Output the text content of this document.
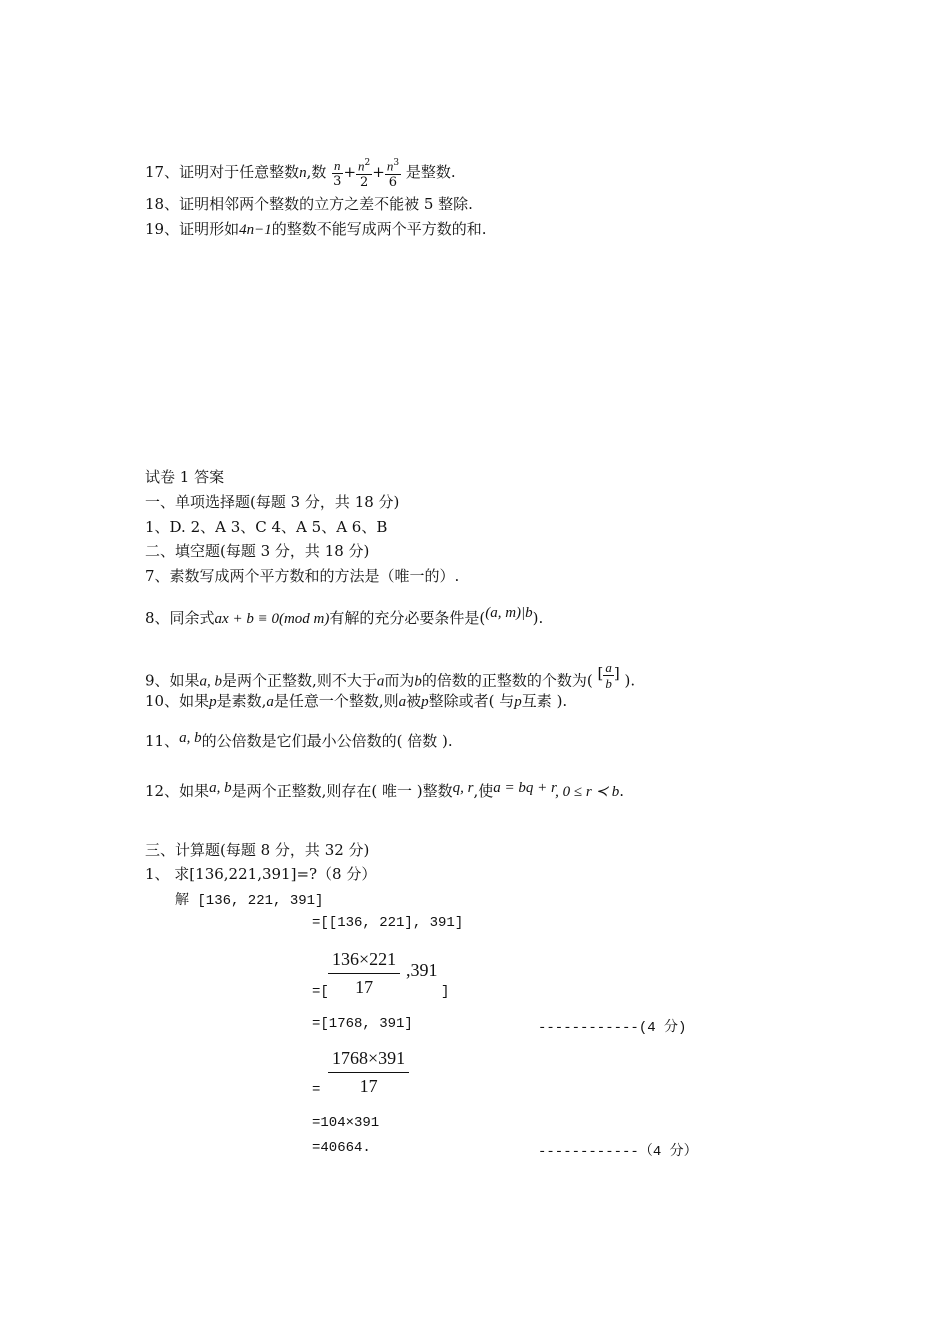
17、证明对于任意整数n,数 $\frac{n}{3} + \frac{n^2}{2} + \frac{n^3}{6}$ 是整数.
18、证明相邻两个整数的立方之差不能被 5 整除.
19、证明形如4n−1的整数不能写成两个平方数的和.
试卷 1 答案
一、单项选择题(每题 3 分，共 18 分)
1、D. 2、A 3、C 4、A 5、A 6、B
二、填空题(每题 3 分，共 18 分)
7、素数写成两个平方数和的方法是（唯一的）.
8、同余式ax + b ≡ 0(mod m)有解的充分必要条件是((a, m)|b).
9、如果a, b是两个正整数,则不大于a而为b的倍数的正整数的个数为( [ $\frac{a}{b}$ ] ).
10、如果p是素数,a是任意一个整数,则a被p整除或者( 与p互素 ).
11、a, b的公倍数是它们最小公倍数的( 倍数 ).
12、如果a, b是两个正整数,则存在( 唯一 )整数q, r,使a = bq + r, 0 ≤ r ≺ b.
三、计算题(每题 8 分，共 32 分)
1、 求[136,221,391]=?（8 分）
解 [136, 221, 391]
=[[136, 221], 391]
=[ $\frac{136\times 221}{17} ,391$
]
=[1768, 391]	------------(4 分)
= $\frac{1768\times 391}{17}$
=104×391
=40664.	------------（4 分）
